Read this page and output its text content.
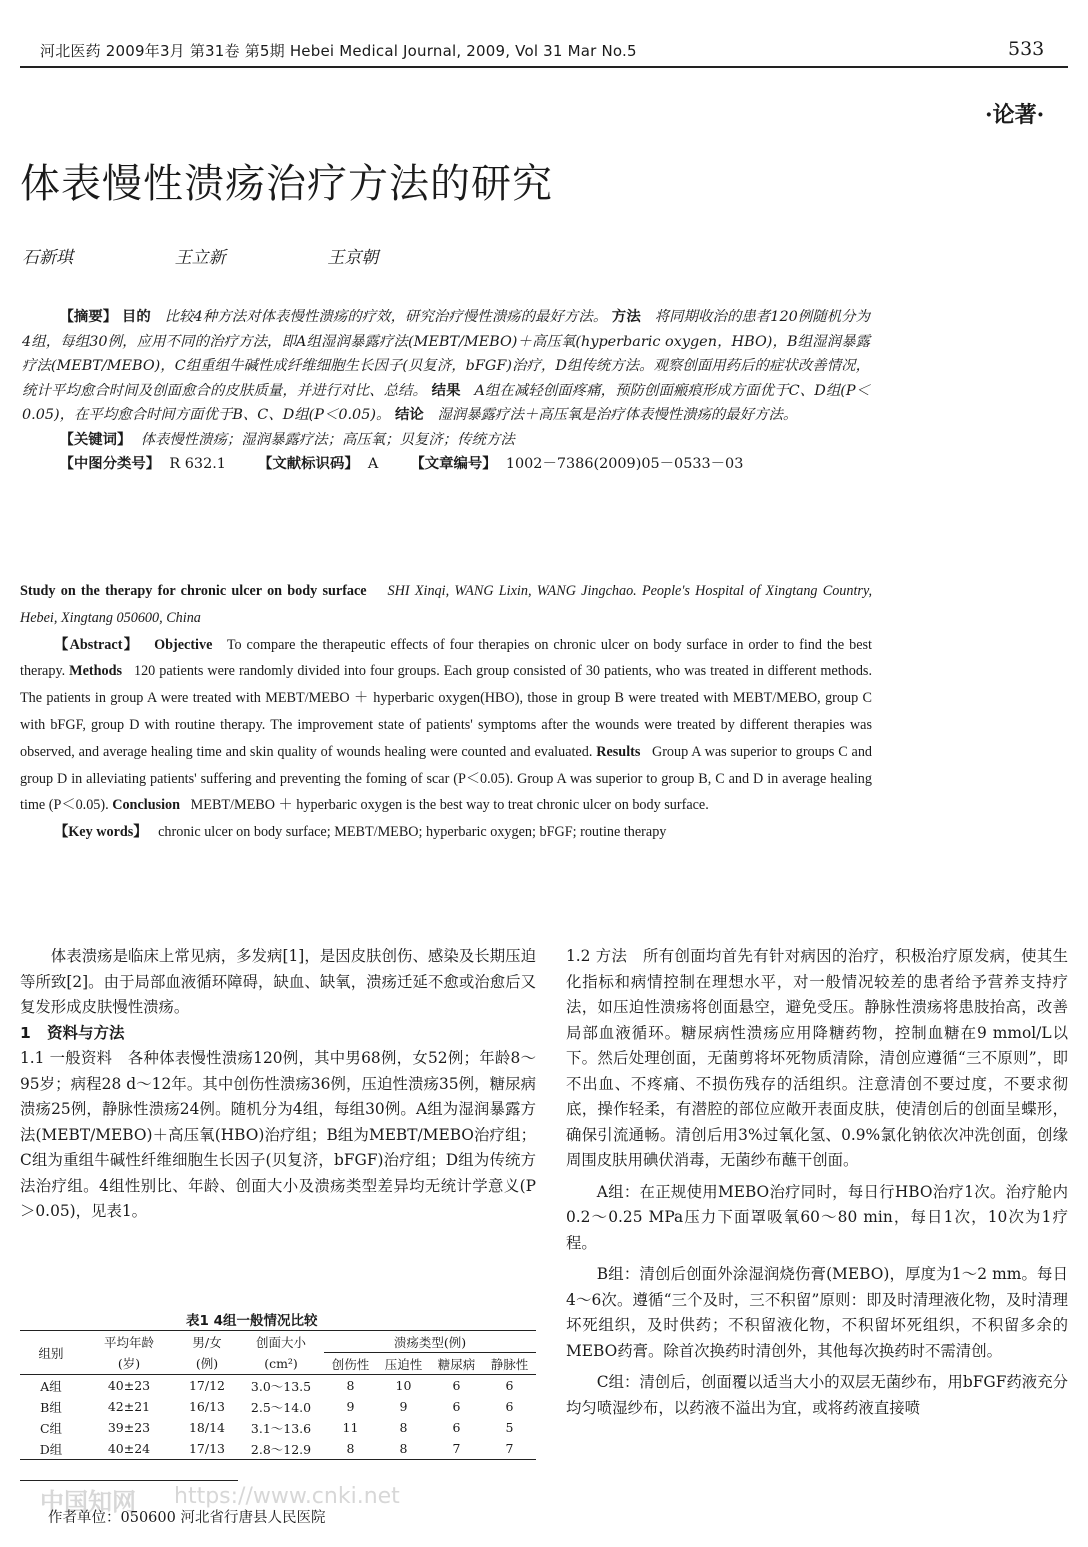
河北医药 2009年3月 第31卷 第5期 Hebei Medical Journal, 2009, Vol 31 Mar No.5	533
·论著·
体表慢性溃疡治疗方法的研究
石新琪	王立新	王京朝

【摘要】 目的 比较4种方法对体表慢性溃疡的疗效，研究治疗慢性溃疡的最好方法。 方法 将同期收治的患者120例随机分为4组，每组30例，应用不同的治疗方法，即A组湿润暴露疗法(MEBT/MEBO)＋高压氧(hyperbaric oxygen，HBO)，B组湿润暴露疗法(MEBT/MEBO)，C组重组牛碱性成纤维细胞生长因子(贝复济，bFGF)治疗，D组传统方法。观察创面用药后的症状改善情况，统计平均愈合时间及创面愈合的皮肤质量，并进行对比、总结。 结果 A组在减轻创面疼痛，预防创面瘢痕形成方面优于C、D组(P＜0.05)，在平均愈合时间方面优于B、C、D组(P＜0.05)。 结论 湿润暴露疗法＋高压氧是治疗体表慢性溃疡的最好方法。

【关键词】 体表慢性溃疡；湿润暴露疗法；高压氧；贝复济；传统方法

【中图分类号】 R 632.1 【文献标识码】 A 【文章编号】 1002－7386(2009)05－0533－03

Study on the therapy for chronic ulcer on body surface SHI Xinqi, WANG Lixin, WANG Jingchao. People's Hospital of Xingtang Country, Hebei, Xingtang 050600, China

【Abstract】 Objective To compare the therapeutic effects of four therapies on chronic ulcer on body surface in order to find the best therapy. Methods 120 patients were randomly divided into four groups. Each group consisted of 30 patients, who was treated in different methods. The patients in group A were treated with MEBT/MEBO ＋ hyperbaric oxygen(HBO), those in group B were treated with MEBT/MEBO, group C with bFGF, group D with routine therapy. The improvement state of patients' symptoms after the wounds were treated by different therapies was observed, and average healing time and skin quality of wounds healing were counted and evaluated. Results Group A was superior to groups C and group D in alleviating patients' suffering and preventing the foming of scar (P＜0.05). Group A was superior to group B, C and D in average healing time (P＜0.05). Conclusion MEBT/MEBO ＋ hyperbaric oxygen is the best way to treat chronic ulcer on body surface.

【Key words】 chronic ulcer on body surface; MEBT/MEBO; hyperbaric oxygen; bFGF; routine therapy

体表溃疡是临床上常见病，多发病[1]，是因皮肤创伤、感染及长期压迫等所致[2]。由于局部血液循环障碍，缺血、缺氧，溃疡迁延不愈或治愈后又复发形成皮肤慢性溃疡。

1 资料与方法

1.1 一般资料 各种体表慢性溃疡120例，其中男68例，女52例；年龄8～95岁；病程28 d～12年。其中创伤性溃疡36例，压迫性溃疡35例，糖尿病溃疡25例，静脉性溃疡24例。随机分为4组，每组30例。A组为湿润暴露方法(MEBT/MEBO)＋高压氧(HBO)治疗组；B组为MEBT/MEBO治疗组；C组为重组牛碱性纤维细胞生长因子(贝复济，bFGF)治疗组；D组为传统方法治疗组。4组性别比、年龄、创面大小及溃疡类型差异均无统计学意义(P＞0.05)，见表1。

表1 4组一般情况比较
组别	平均年龄	男/女	创面大小	溃疡类型(例)			
	(岁)	(例)	(cm²)	创伤性	压迫性	糖尿病	静脉性
A组	40±23	17/12	3.0～13.5	8	10	6	6
B组	42±21	16/13	2.5～14.0	9	9	6	6
C组	39±23	18/14	3.1～13.6	11	8	6	5
D组	40±24	17/13	2.8～12.9	8	8	7	7
中国知网 https://www.cnki.net
作者单位：050600 河北省行唐县人民医院

1.2 方法 所有创面均首先有针对病因的治疗，积极治疗原发病，使其生化指标和病情控制在理想水平，对一般情况较差的患者给予营养支持疗法，如压迫性溃疡将创面悬空，避免受压。静脉性溃疡将患肢抬高，改善局部血液循环。糖尿病性溃疡应用降糖药物，控制血糖在9 mmol/L以下。然后处理创面，无菌剪将坏死物质清除，清创应遵循“三不原则”，即不出血、不疼痛、不损伤残存的活组织。注意清创不要过度，不要求彻底，操作轻柔，有潜腔的部位应敞开表面皮肤，使清创后的创面呈蝶形，确保引流通畅。清创后用3%过氧化氢、0.9%氯化钠依次冲洗创面，创缘周围皮肤用碘伏消毒，无菌纱布蘸干创面。

A组：在正规使用MEBO治疗同时，每日行HBO治疗1次。治疗舱内0.2～0.25 MPa压力下面罩吸氧60～80 min，每日1次，10次为1疗程。

B组：清创后创面外涂湿润烧伤膏(MEBO)，厚度为1～2 mm。每日4～6次。遵循“三个及时，三不积留”原则：即及时清理液化物，及时清理坏死组织，及时供药；不积留液化物，不积留坏死组织，不积留多余的MEBO药膏。除首次换药时清创外，其他每次换药时不需清创。

C组：清创后，创面覆以适当大小的双层无菌纱布，用bFGF药液充分均匀喷湿纱布，以药液不溢出为宜，或将药液直接喷
